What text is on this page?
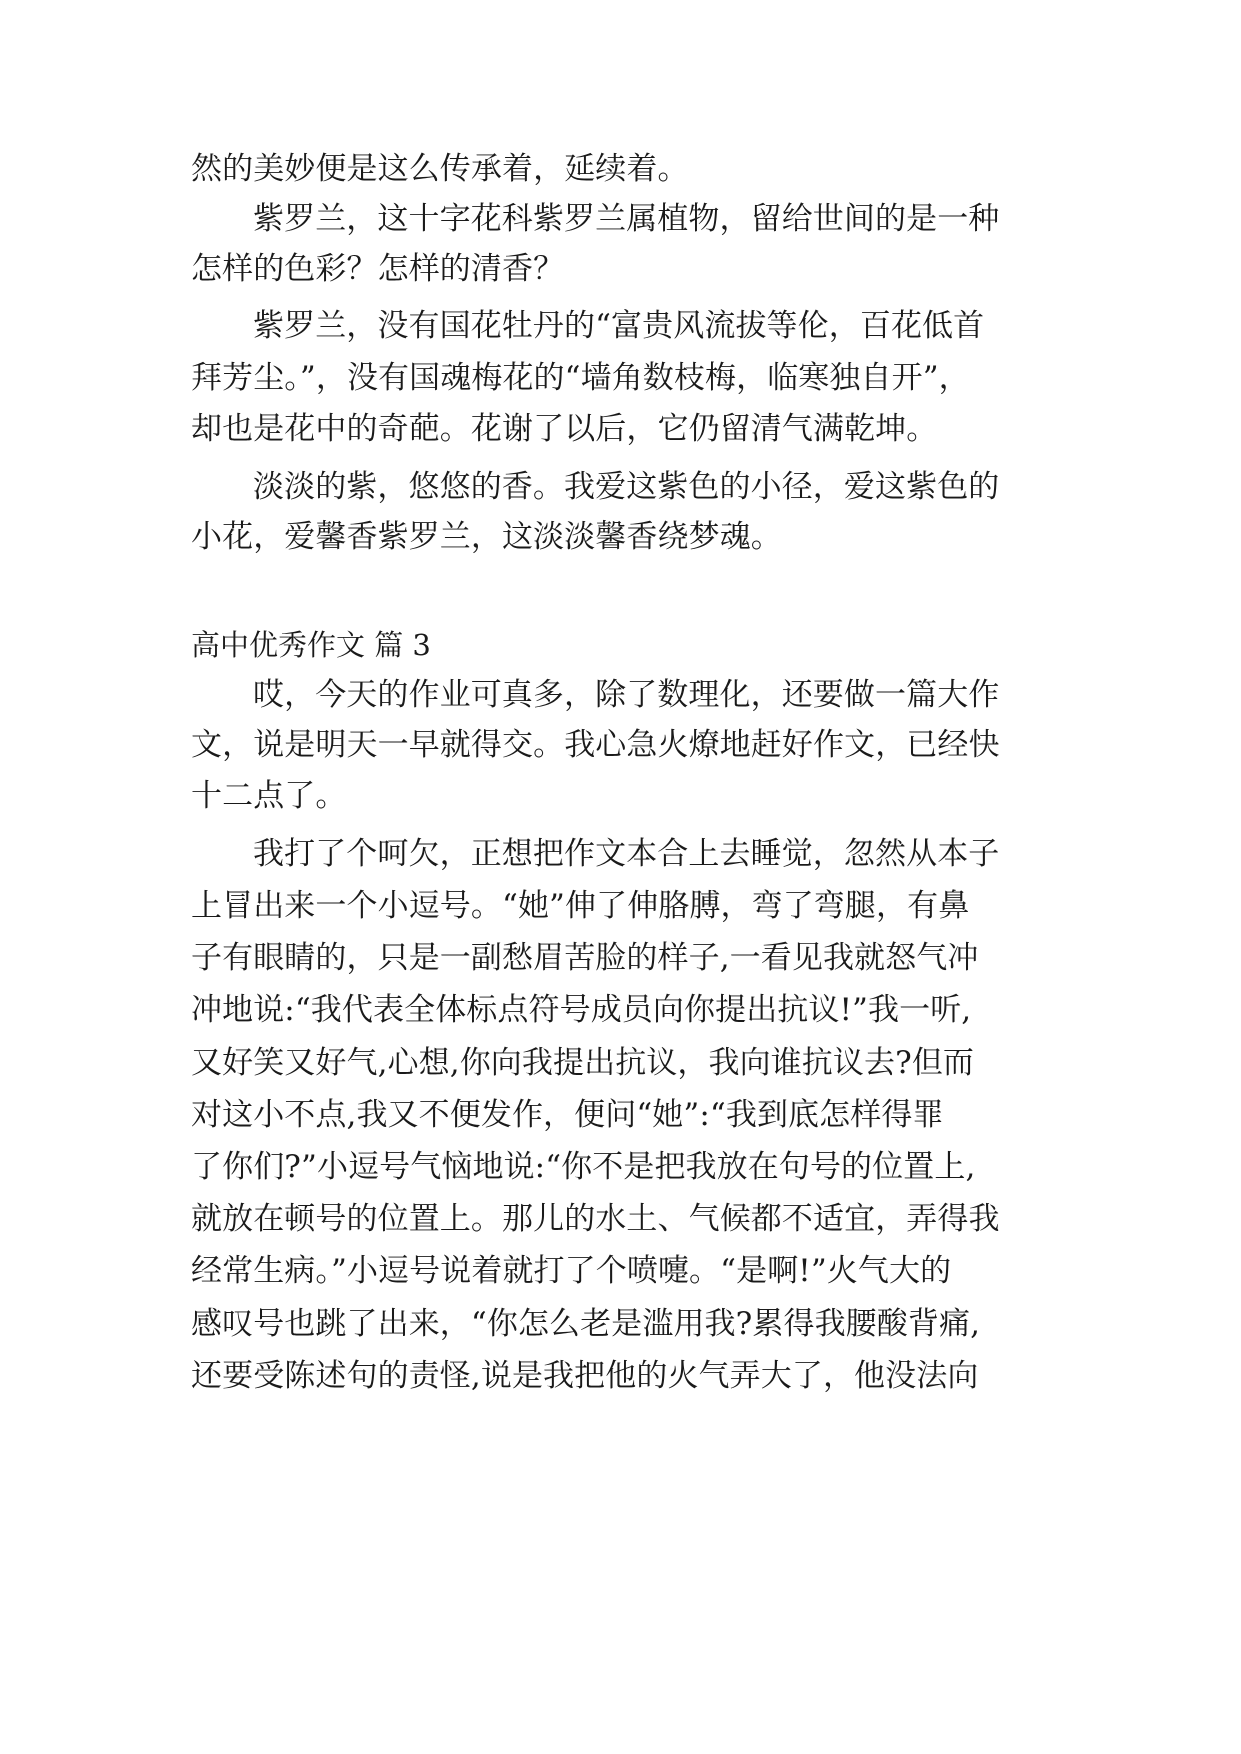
然的美妙便是这么传承着，延续着。

紫罗兰，这十字花科紫罗兰属植物，留给世间的是一种

怎样的色彩？怎样的清香？

紫罗兰，没有国花牡丹的“富贵风流拔等伦，百花低首

拜芳尘。”，没有国魂梅花的“墙角数枝梅，临寒独自开”，

却也是花中的奇葩。花谢了以后，它仍留清气满乾坤。

淡淡的紫，悠悠的香。我爱这紫色的小径，爱这紫色的

小花，爱馨香紫罗兰，这淡淡馨香绕梦魂。

高中优秀作文 篇 3

哎，今天的作业可真多，除了数理化，还要做一篇大作

文，说是明天一早就得交。我心急火燎地赶好作文，已经快

十二点了。

我打了个呵欠，正想把作文本合上去睡觉，忽然从本子

上冒出来一个小逗号。“她”伸了伸胳膊，弯了弯腿，有鼻

子有眼睛的，只是一副愁眉苦脸的样子,一看见我就怒气冲

冲地说:“我代表全体标点符号成员向你提出抗议!”我一听,

又好笑又好气,心想,你向我提出抗议，我向谁抗议去?但而

对这小不点,我又不便发作，便问“她”:“我到底怎样得罪

了你们?”小逗号气恼地说:“你不是把我放在句号的位置上,

就放在顿号的位置上。那儿的水土、气候都不适宜，弄得我

经常生病。”小逗号说着就打了个喷嚏。“是啊!”火气大的

感叹号也跳了出来，“你怎么老是滥用我?累得我腰酸背痛,

还要受陈述句的责怪,说是我把他的火气弄大了，他没法向
